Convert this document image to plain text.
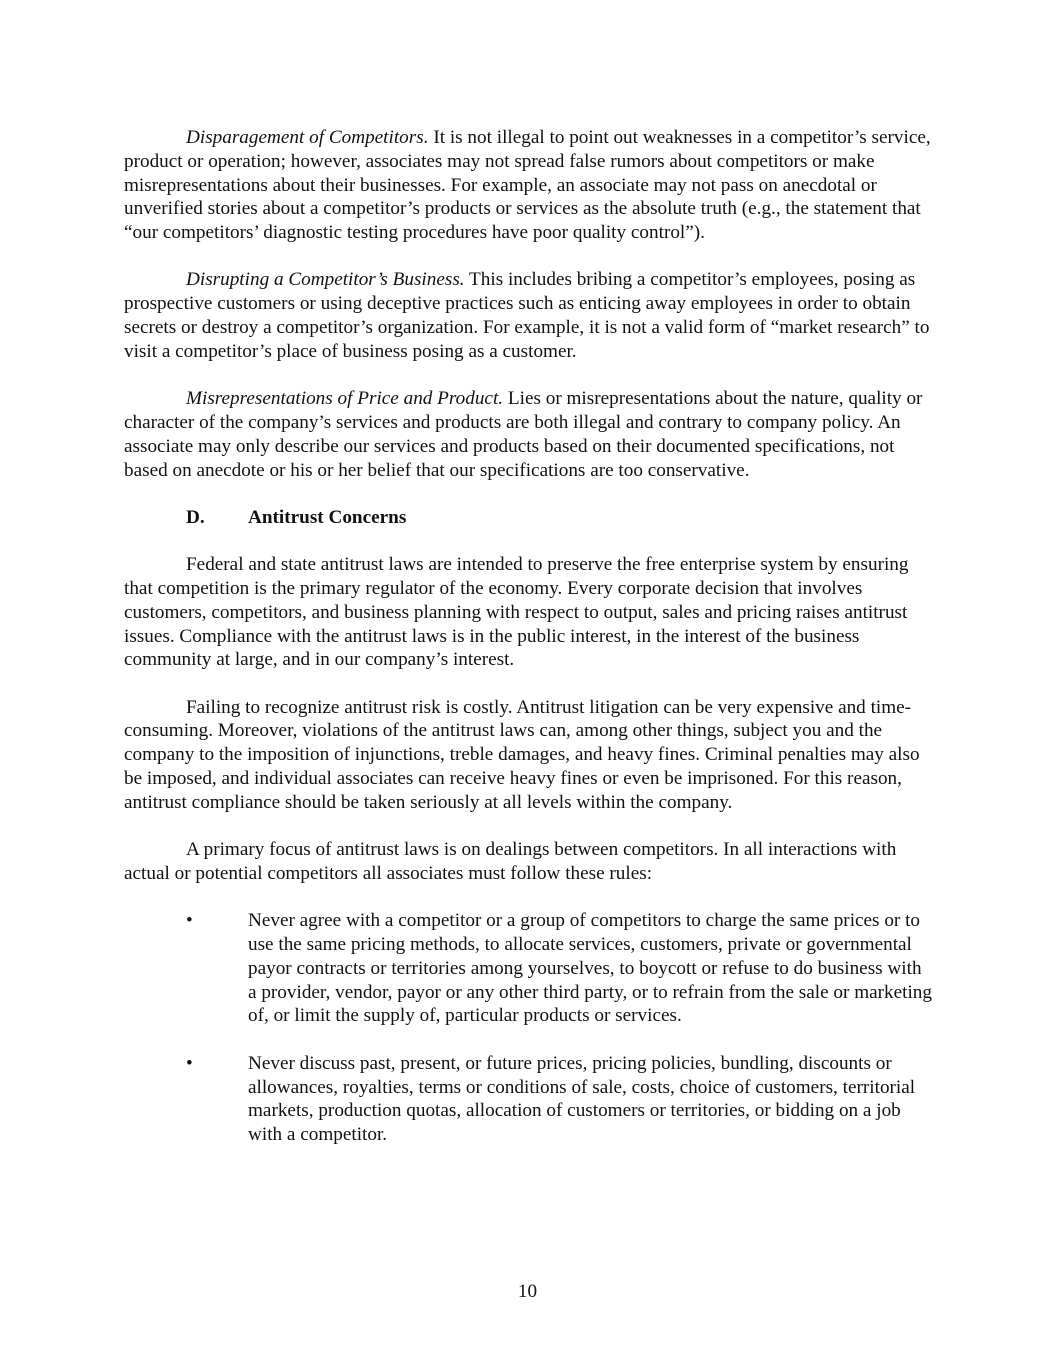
Disparagement of Competitors. It is not illegal to point out weaknesses in a competitor’s service, product or operation; however, associates may not spread false rumors about competitors or make misrepresentations about their businesses. For example, an associate may not pass on anecdotal or unverified stories about a competitor’s products or services as the absolute truth (e.g., the statement that “our competitors’ diagnostic testing procedures have poor quality control”).

Disrupting a Competitor’s Business. This includes bribing a competitor’s employees, posing as prospective customers or using deceptive practices such as enticing away employees in order to obtain secrets or destroy a competitor’s organization. For example, it is not a valid form of “market research” to visit a competitor’s place of business posing as a customer.

Misrepresentations of Price and Product. Lies or misrepresentations about the nature, quality or character of the company’s services and products are both illegal and contrary to company policy. An associate may only describe our services and products based on their documented specifications, not based on anecdote or his or her belief that our specifications are too conservative.

D. Antitrust Concerns

Federal and state antitrust laws are intended to preserve the free enterprise system by ensuring that competition is the primary regulator of the economy. Every corporate decision that involves customers, competitors, and business planning with respect to output, sales and pricing raises antitrust issues. Compliance with the antitrust laws is in the public interest, in the interest of the business community at large, and in our company’s interest.

Failing to recognize antitrust risk is costly. Antitrust litigation can be very expensive and time-consuming. Moreover, violations of the antitrust laws can, among other things, subject you and the company to the imposition of injunctions, treble damages, and heavy fines. Criminal penalties may also be imposed, and individual associates can receive heavy fines or even be imprisoned. For this reason, antitrust compliance should be taken seriously at all levels within the company.

A primary focus of antitrust laws is on dealings between competitors. In all interactions with actual or potential competitors all associates must follow these rules:

•	Never agree with a competitor or a group of competitors to charge the same prices or to use the same pricing methods, to allocate services, customers, private or governmental payor contracts or territories among yourselves, to boycott or refuse to do business with a provider, vendor, payor or any other third party, or to refrain from the sale or marketing of, or limit the supply of, particular products or services.
•	Never discuss past, present, or future prices, pricing policies, bundling, discounts or allowances, royalties, terms or conditions of sale, costs, choice of customers, territorial markets, production quotas, allocation of customers or territories, or bidding on a job with a competitor.
10
